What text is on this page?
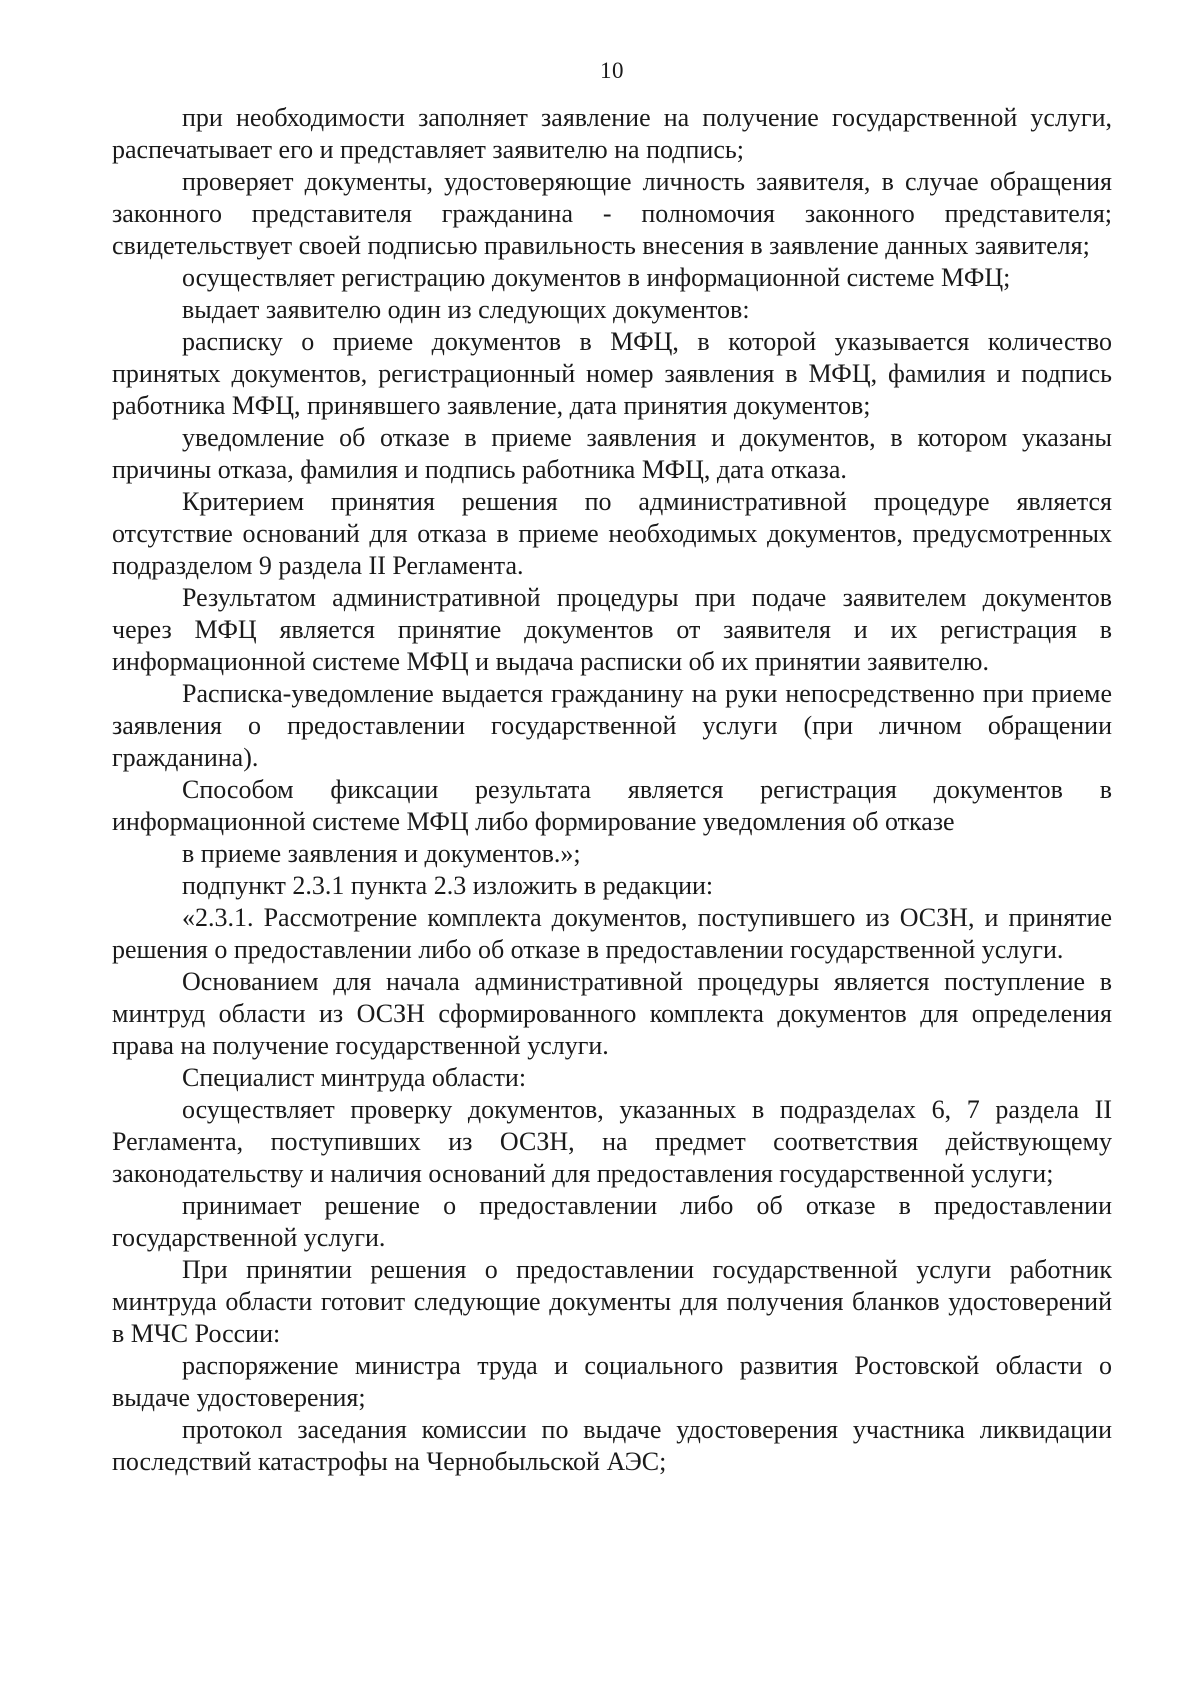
10

при необходимости заполняет заявление на получение государственной услуги, распечатывает его и представляет заявителю на подпись;

проверяет документы, удостоверяющие личность заявителя, в случае обращения законного представителя гражданина - полномочия законного представителя; свидетельствует своей подписью правильность внесения в заявление данных заявителя;

осуществляет регистрацию документов в информационной системе МФЦ;

выдает заявителю один из следующих документов:

расписку о приеме документов в МФЦ, в которой указывается количество принятых документов, регистрационный номер заявления в МФЦ, фамилия и подпись работника МФЦ, принявшего заявление, дата принятия документов;

уведомление об отказе в приеме заявления и документов, в котором указаны причины отказа, фамилия и подпись работника МФЦ, дата отказа.

Критерием принятия решения по административной процедуре является отсутствие оснований для отказа в приеме необходимых документов, предусмотренных подразделом 9 раздела II Регламента.

Результатом административной процедуры при подаче заявителем документов через МФЦ является принятие документов от заявителя и их регистрация в информационной системе МФЦ и выдача расписки об их принятии заявителю.

Расписка-уведомление выдается гражданину на руки непосредственно при приеме заявления о предоставлении государственной услуги (при личном обращении гражданина).

Способом фиксации результата является регистрация документов в информационной системе МФЦ либо формирование уведомления об отказе

в приеме заявления и документов.»;

подпункт 2.3.1 пункта 2.3 изложить в редакции:

«2.3.1. Рассмотрение комплекта документов, поступившего из ОСЗН, и принятие решения о предоставлении либо об отказе в предоставлении государственной услуги.

Основанием для начала административной процедуры является поступление в минтруд области из ОСЗН сформированного комплекта документов для определения права на получение государственной услуги.

Специалист минтруда области:

осуществляет проверку документов, указанных в подразделах 6, 7 раздела II Регламента, поступивших из ОСЗН, на предмет соответствия действующему законодательству и наличия оснований для предоставления государственной услуги;

принимает решение о предоставлении либо об отказе в предоставлении государственной услуги.

При принятии решения о предоставлении государственной услуги работник минтруда области готовит следующие документы для получения бланков удостоверений в МЧС России:

распоряжение министра труда и социального развития Ростовской области о выдаче удостоверения;

протокол заседания комиссии по выдаче удостоверения участника ликвидации последствий катастрофы на Чернобыльской АЭС;
